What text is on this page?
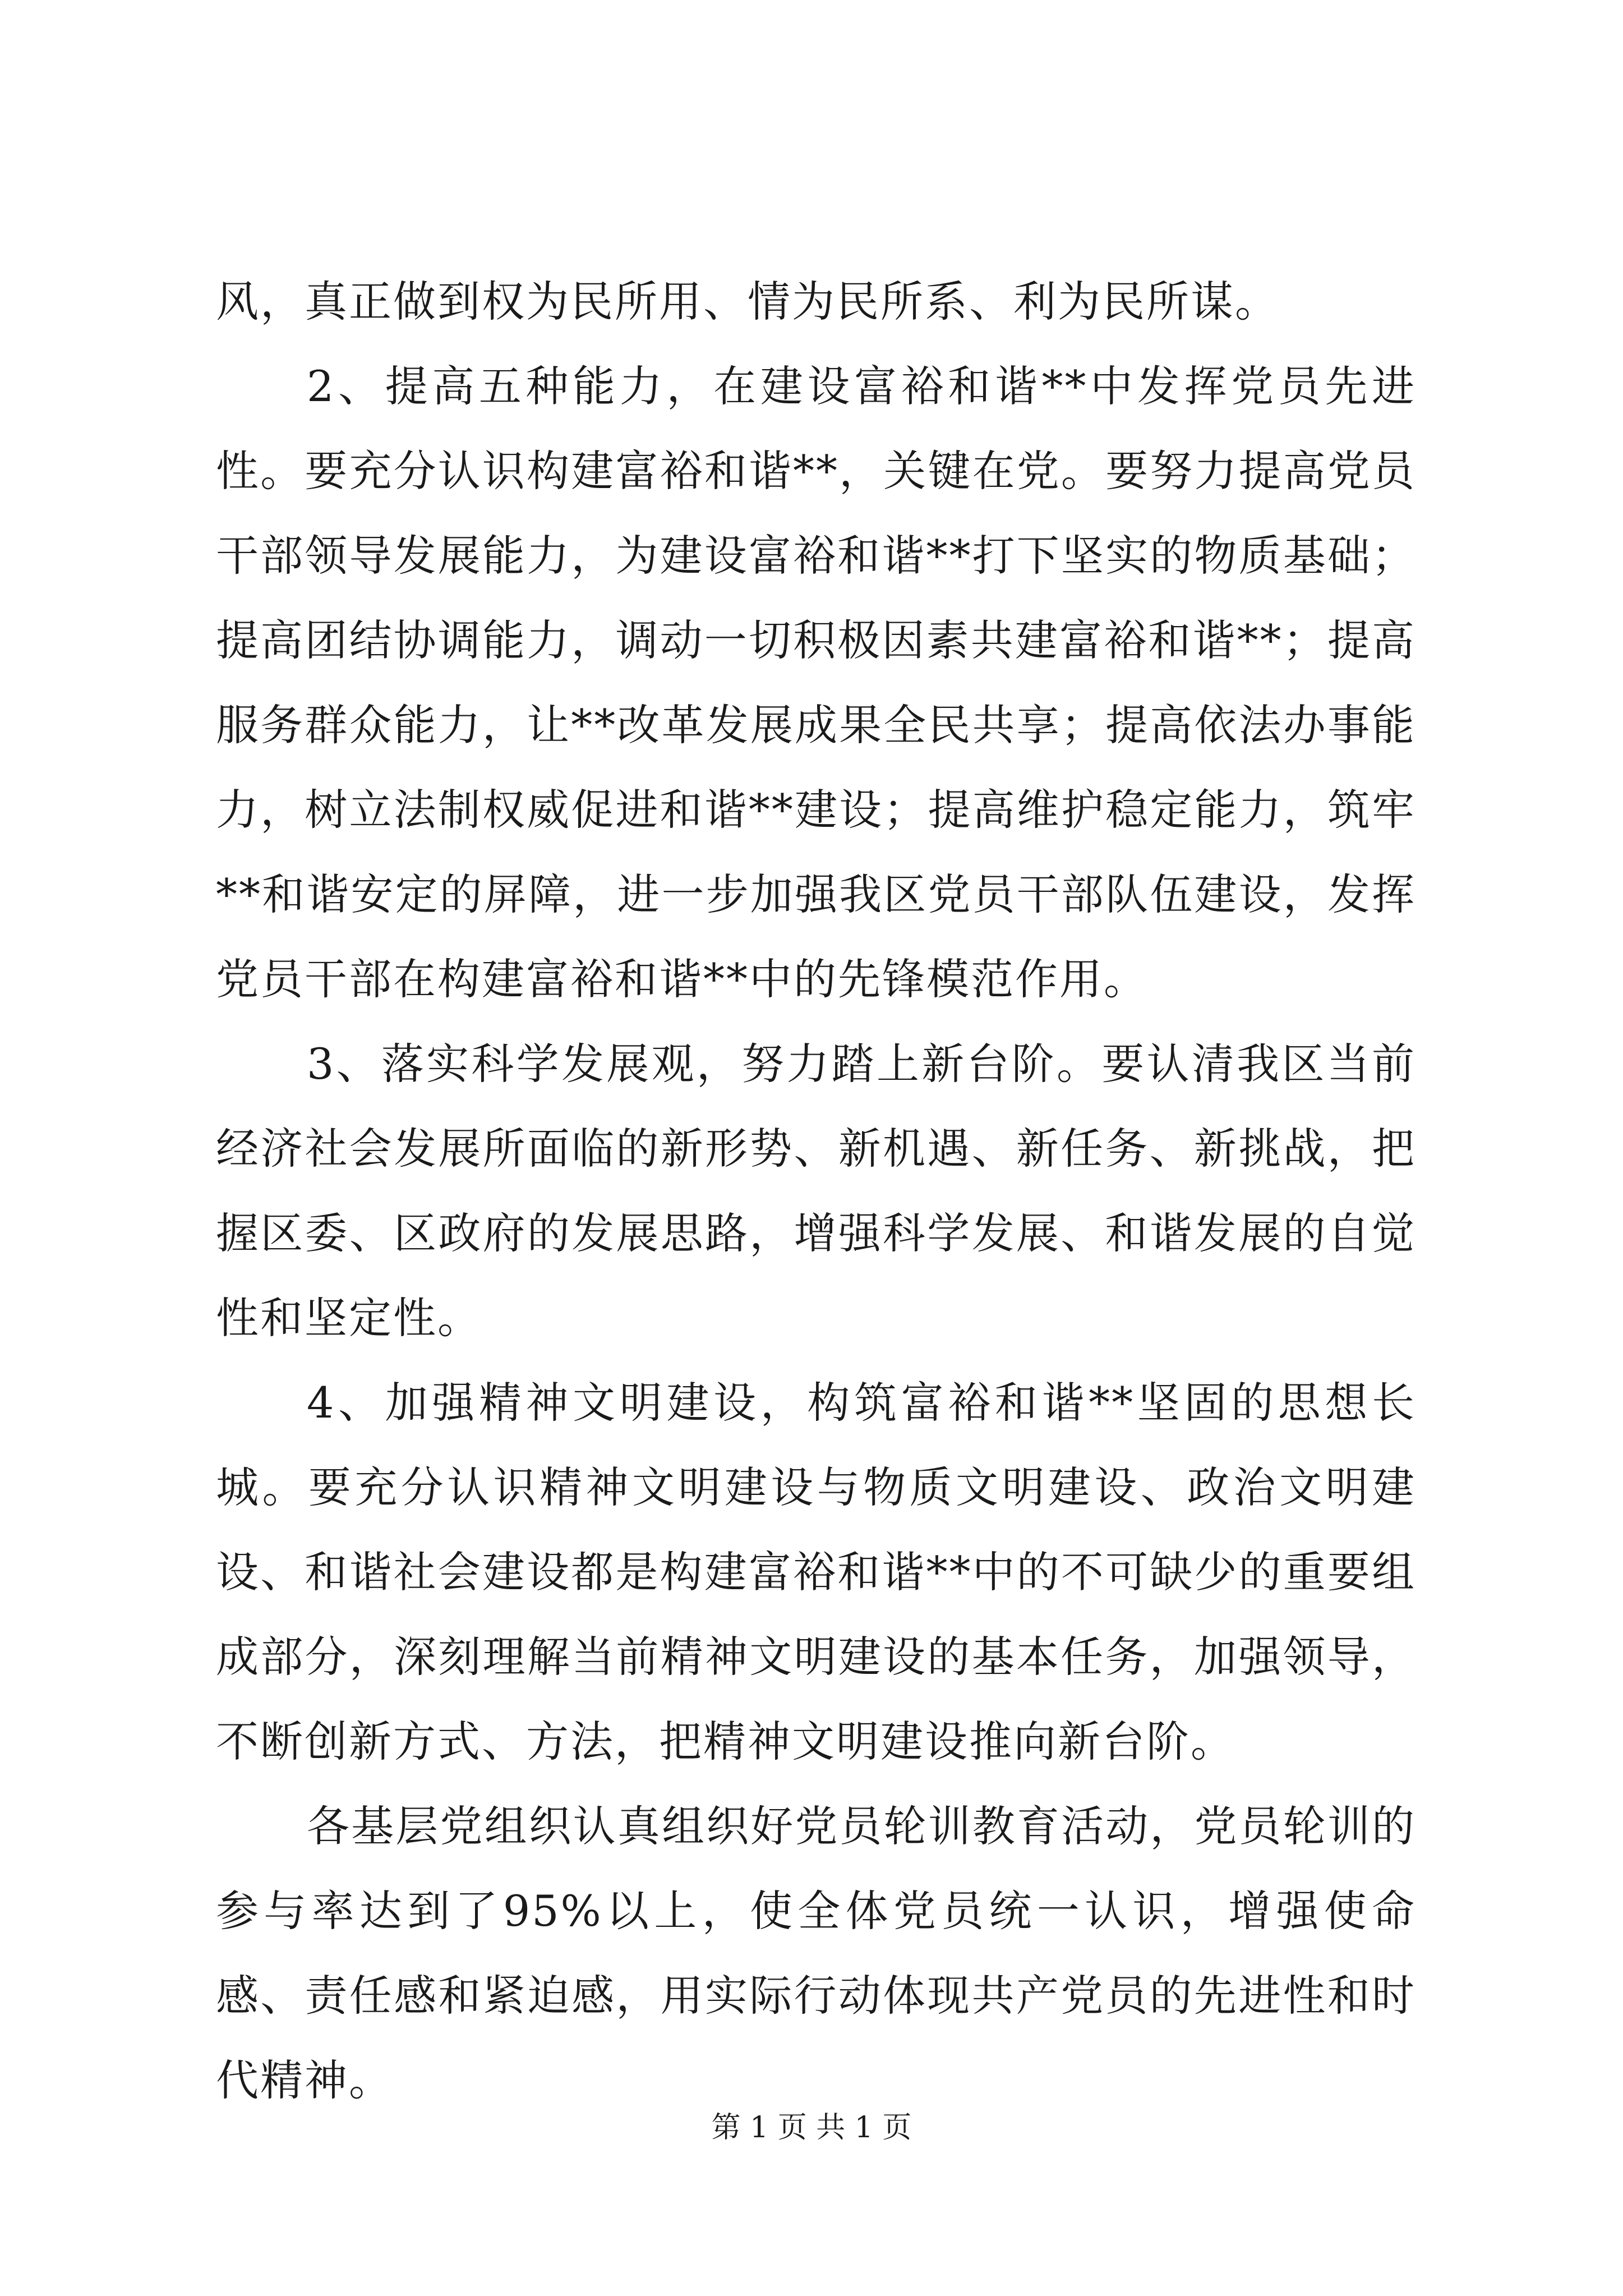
风，真正做到权为民所用、情为民所系、利为民所谋。

2、提高五种能力，在建设富裕和谐**中发挥党员先进性。要充分认识构建富裕和谐**，关键在党。要努力提高党员干部领导发展能力，为建设富裕和谐**打下坚实的物质基础；提高团结协调能力，调动一切积极因素共建富裕和谐**；提高服务群众能力，让**改革发展成果全民共享；提高依法办事能力，树立法制权威促进和谐**建设；提高维护稳定能力，筑牢**和谐安定的屏障，进一步加强我区党员干部队伍建设，发挥党员干部在构建富裕和谐**中的先锋模范作用。

3、落实科学发展观，努力踏上新台阶。要认清我区当前经济社会发展所面临的新形势、新机遇、新任务、新挑战，把握区委、区政府的发展思路，增强科学发展、和谐发展的自觉性和坚定性。

4、加强精神文明建设，构筑富裕和谐**坚固的思想长城。要充分认识精神文明建设与物质文明建设、政治文明建设、和谐社会建设都是构建富裕和谐**中的不可缺少的重要组成部分，深刻理解当前精神文明建设的基本任务，加强领导，不断创新方式、方法，把精神文明建设推向新台阶。

各基层党组织认真组织好党员轮训教育活动，党员轮训的参与率达到了95%以上，使全体党员统一认识，增强使命感、责任感和紧迫感，用实际行动体现共产党员的先进性和时代精神。

第 1 页 共 1 页
